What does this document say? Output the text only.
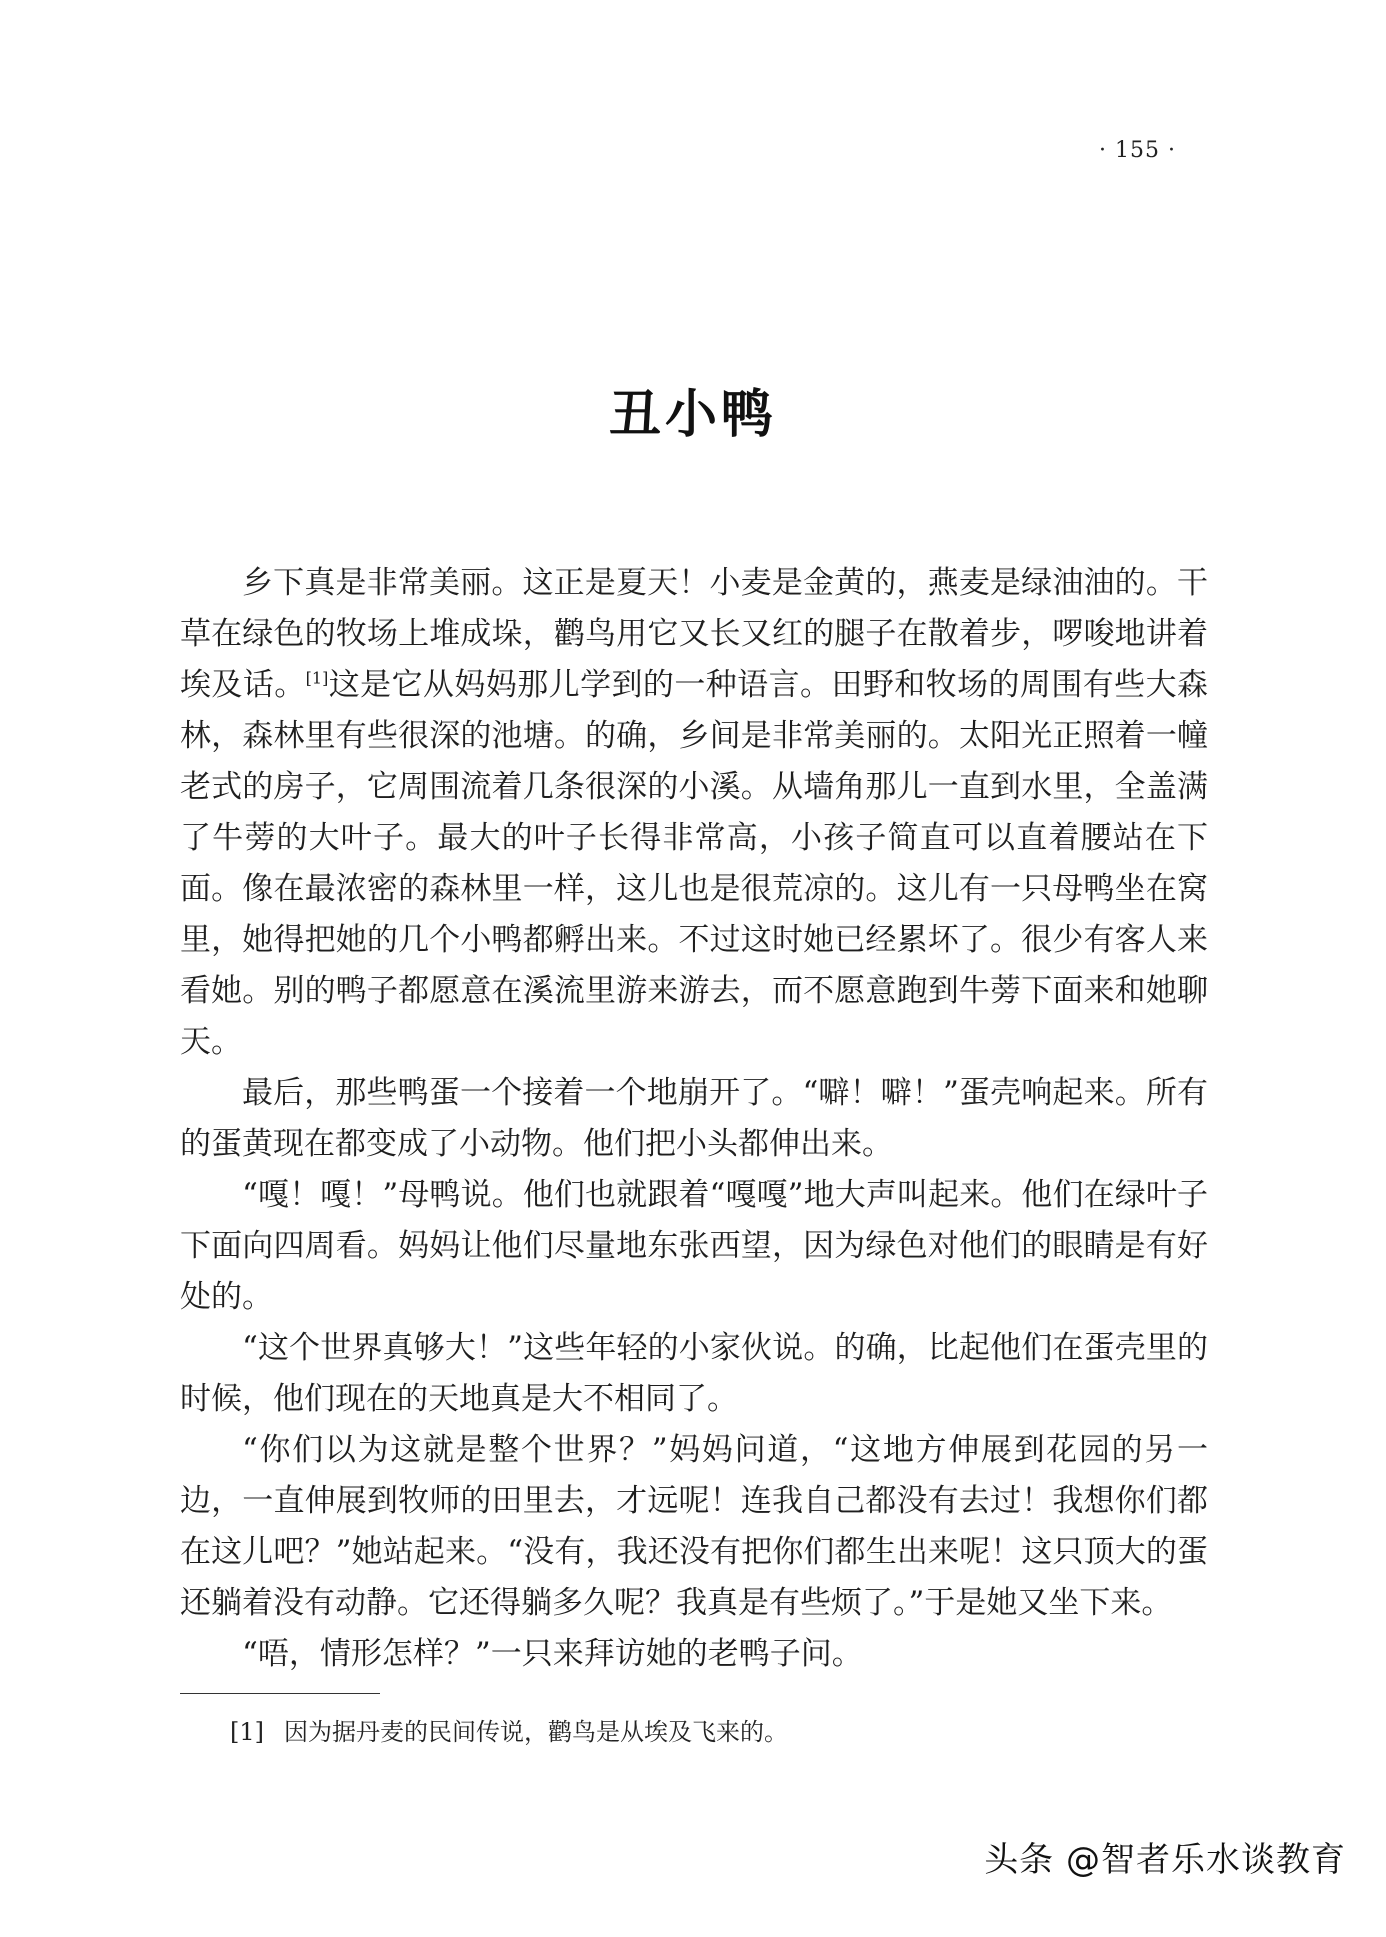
· 155 ·
丑小鸭

乡下真是非常美丽。这正是夏天！小麦是金黄的，燕麦是绿油油的。干草在绿色的牧场上堆成垛，鹳鸟用它又长又红的腿子在散着步，啰唆地讲着埃及话。[1]这是它从妈妈那儿学到的一种语言。田野和牧场的周围有些大森林，森林里有些很深的池塘。的确，乡间是非常美丽的。太阳光正照着一幢老式的房子，它周围流着几条很深的小溪。从墙角那儿一直到水里，全盖满了牛蒡的大叶子。最大的叶子长得非常高，小孩子简直可以直着腰站在下面。像在最浓密的森林里一样，这儿也是很荒凉的。这儿有一只母鸭坐在窝里，她得把她的几个小鸭都孵出来。不过这时她已经累坏了。很少有客人来看她。别的鸭子都愿意在溪流里游来游去，而不愿意跑到牛蒡下面来和她聊天。

最后，那些鸭蛋一个接着一个地崩开了。“噼！噼！”蛋壳响起来。所有的蛋黄现在都变成了小动物。他们把小头都伸出来。

“嘎！嘎！”母鸭说。他们也就跟着“嘎嘎”地大声叫起来。他们在绿叶子下面向四周看。妈妈让他们尽量地东张西望，因为绿色对他们的眼睛是有好处的。

“这个世界真够大！”这些年轻的小家伙说。的确，比起他们在蛋壳里的时候，他们现在的天地真是大不相同了。

“你们以为这就是整个世界？”妈妈问道，“这地方伸展到花园的另一边，一直伸展到牧师的田里去，才远呢！连我自己都没有去过！我想你们都在这儿吧？”她站起来。“没有，我还没有把你们都生出来呢！这只顶大的蛋还躺着没有动静。它还得躺多久呢？我真是有些烦了。”于是她又坐下来。

“唔，情形怎样？”一只来拜访她的老鸭子问。

[1] 因为据丹麦的民间传说，鹳鸟是从埃及飞来的。
头条 @智者乐水谈教育
